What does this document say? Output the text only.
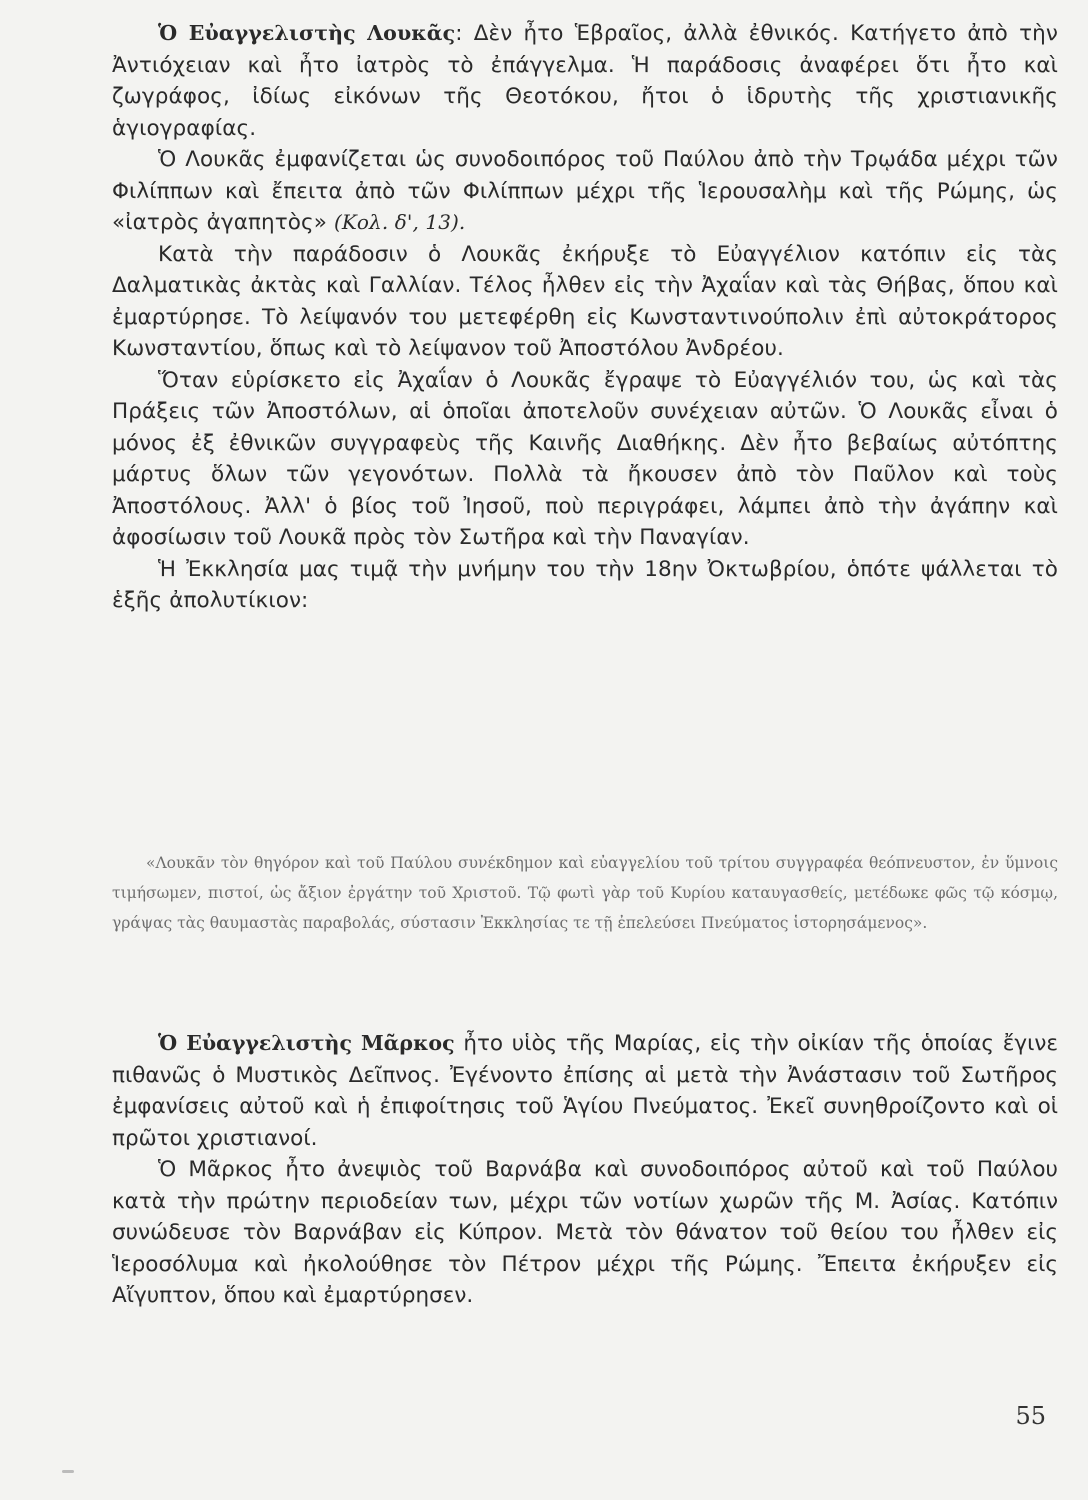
Ὁ Εὐαγγελιστὴς Λουκᾶς: Δὲν ἦτο Ἑβραῖος, ἀλλὰ ἐθνικός. Κατήγετο ἀπὸ τὴν Ἀντιόχειαν καὶ ἦτο ἰατρὸς τὸ ἐπάγγελμα. Ἡ παράδοσις ἀναφέρει ὅτι ἦτο καὶ ζωγράφος, ἰδίως εἰκόνων τῆς Θεοτόκου, ἤτοι ὁ ἱδρυτὴς τῆς χριστιανικῆς ἁγιογραφίας.

Ὁ Λουκᾶς ἐμφανίζεται ὡς συνοδοιπόρος τοῦ Παύλου ἀπὸ τὴν Τρῳάδα μέχρι τῶν Φιλίππων καὶ ἔπειτα ἀπὸ τῶν Φιλίππων μέχρι τῆς Ἱερουσαλὴμ καὶ τῆς Ρώμης, ὡς «ἰατρὸς ἀγαπητὸς» (Κολ. δ', 13).

Κατὰ τὴν παράδοσιν ὁ Λουκᾶς ἐκήρυξε τὸ Εὐαγγέλιον κατόπιν εἰς τὰς Δαλματικὰς ἀκτὰς καὶ Γαλλίαν. Τέλος ἦλθεν εἰς τὴν Ἀχαΐαν καὶ τὰς Θήβας, ὅπου καὶ ἐμαρτύρησε. Τὸ λείψανόν του μετεφέρθη εἰς Κωνσταντινούπολιν ἐπὶ αὐτοκράτορος Κωνσταντίου, ὅπως καὶ τὸ λείψανον τοῦ Ἀποστόλου Ἀνδρέου.

Ὅταν εὑρίσκετο εἰς Ἀχαΐαν ὁ Λουκᾶς ἔγραψε τὸ Εὐαγγέλιόν του, ὡς καὶ τὰς Πράξεις τῶν Ἀποστόλων, αἱ ὁποῖαι ἀποτελοῦν συνέχειαν αὐτῶν. Ὁ Λουκᾶς εἶναι ὁ μόνος ἐξ ἐθνικῶν συγγραφεὺς τῆς Καινῆς Διαθήκης. Δὲν ἦτο βεβαίως αὐτόπτης μάρτυς ὅλων τῶν γεγονότων. Πολλὰ τὰ ἤκουσεν ἀπὸ τὸν Παῦλον καὶ τοὺς Ἀποστόλους. Ἀλλ' ὁ βίος τοῦ Ἰησοῦ, ποὺ περιγράφει, λάμπει ἀπὸ τὴν ἀγάπην καὶ ἀφοσίωσιν τοῦ Λουκᾶ πρὸς τὸν Σωτῆρα καὶ τὴν Παναγίαν.

Ἡ Ἐκκλησία μας τιμᾷ τὴν μνήμην του τὴν 18ην Ὀκτωβρίου, ὁπότε ψάλλεται τὸ ἑξῆς ἀπολυτίκιον:

«Λουκᾶν τὸν θηγόρον καὶ τοῦ Παύλου συνέκδημον καὶ εὐαγγελίου τοῦ τρίτου συγγραφέα θεόπνευστον, ἐν ὕμνοις τιμήσωμεν, πιστοί, ὡς ἄξιον ἐργάτην τοῦ Χριστοῦ. Τῷ φωτὶ γὰρ τοῦ Κυρίου καταυγασθείς, μετέδωκε φῶς τῷ κόσμῳ, γράψας τὰς θαυμαστὰς παραβολάς, σύστασιν Ἐκκλησίας τε τῇ ἐπελεύσει Πνεύματος ἱστορησάμενος».

Ὁ Εὐαγγελιστὴς Μᾶρκος ἦτο υἱὸς τῆς Μαρίας, εἰς τὴν οἰκίαν τῆς ὁποίας ἔγινε πιθανῶς ὁ Μυστικὸς Δεῖπνος. Ἐγένοντο ἐπίσης αἱ μετὰ τὴν Ἀνάστασιν τοῦ Σωτῆρος ἐμφανίσεις αὐτοῦ καὶ ἡ ἐπιφοίτησις τοῦ Ἁγίου Πνεύματος. Ἐκεῖ συνηθροίζοντο καὶ οἱ πρῶτοι χριστιανοί.

Ὁ Μᾶρκος ἦτο ἀνεψιὸς τοῦ Βαρνάβα καὶ συνοδοιπόρος αὐτοῦ καὶ τοῦ Παύλου κατὰ τὴν πρώτην περιοδείαν των, μέχρι τῶν νοτίων χωρῶν τῆς Μ. Ἀσίας. Κατόπιν συνώδευσε τὸν Βαρνάβαν εἰς Κύπρον. Μετὰ τὸν θάνατον τοῦ θείου του ἦλθεν εἰς Ἱεροσόλυμα καὶ ἠκολούθησε τὸν Πέτρον μέχρι τῆς Ρώμης. Ἔπειτα ἐκήρυξεν εἰς Αἴγυπτον, ὅπου καὶ ἐμαρτύρησεν.

55
